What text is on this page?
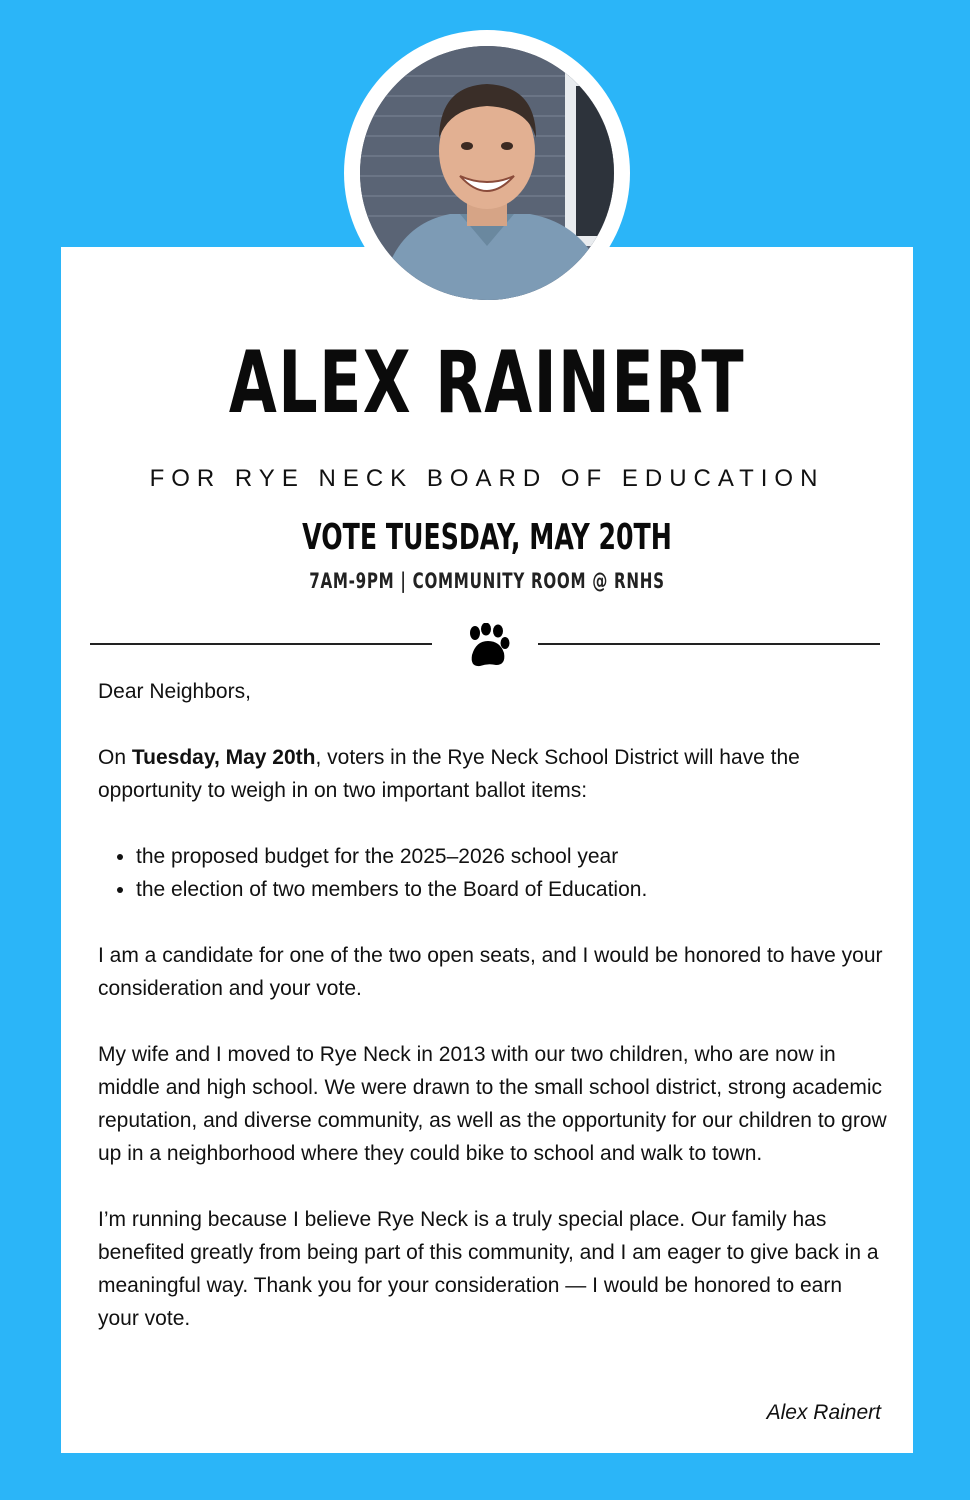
ALEX RAINERT
FOR RYE NECK BOARD OF EDUCATION
VOTE TUESDAY, MAY 20TH
7AM-9PM | COMMUNITY ROOM @ RNHS

Dear Neighbors,

On Tuesday, May 20th, voters in the Rye Neck School District will have the opportunity to weigh in on two important ballot items:

• the proposed budget for the 2025–2026 school year
• the election of two members to the Board of Education.

I am a candidate for one of the two open seats, and I would be honored to have your consideration and your vote.

My wife and I moved to Rye Neck in 2013 with our two children, who are now in middle and high school. We were drawn to the small school district, strong academic reputation, and diverse community, as well as the opportunity for our children to grow up in a neighborhood where they could bike to school and walk to town.

I’m running because I believe Rye Neck is a truly special place. Our family has benefited greatly from being part of this community, and I am eager to give back in a meaningful way. Thank you for your consideration — I would be honored to earn your vote.

Alex Rainert
